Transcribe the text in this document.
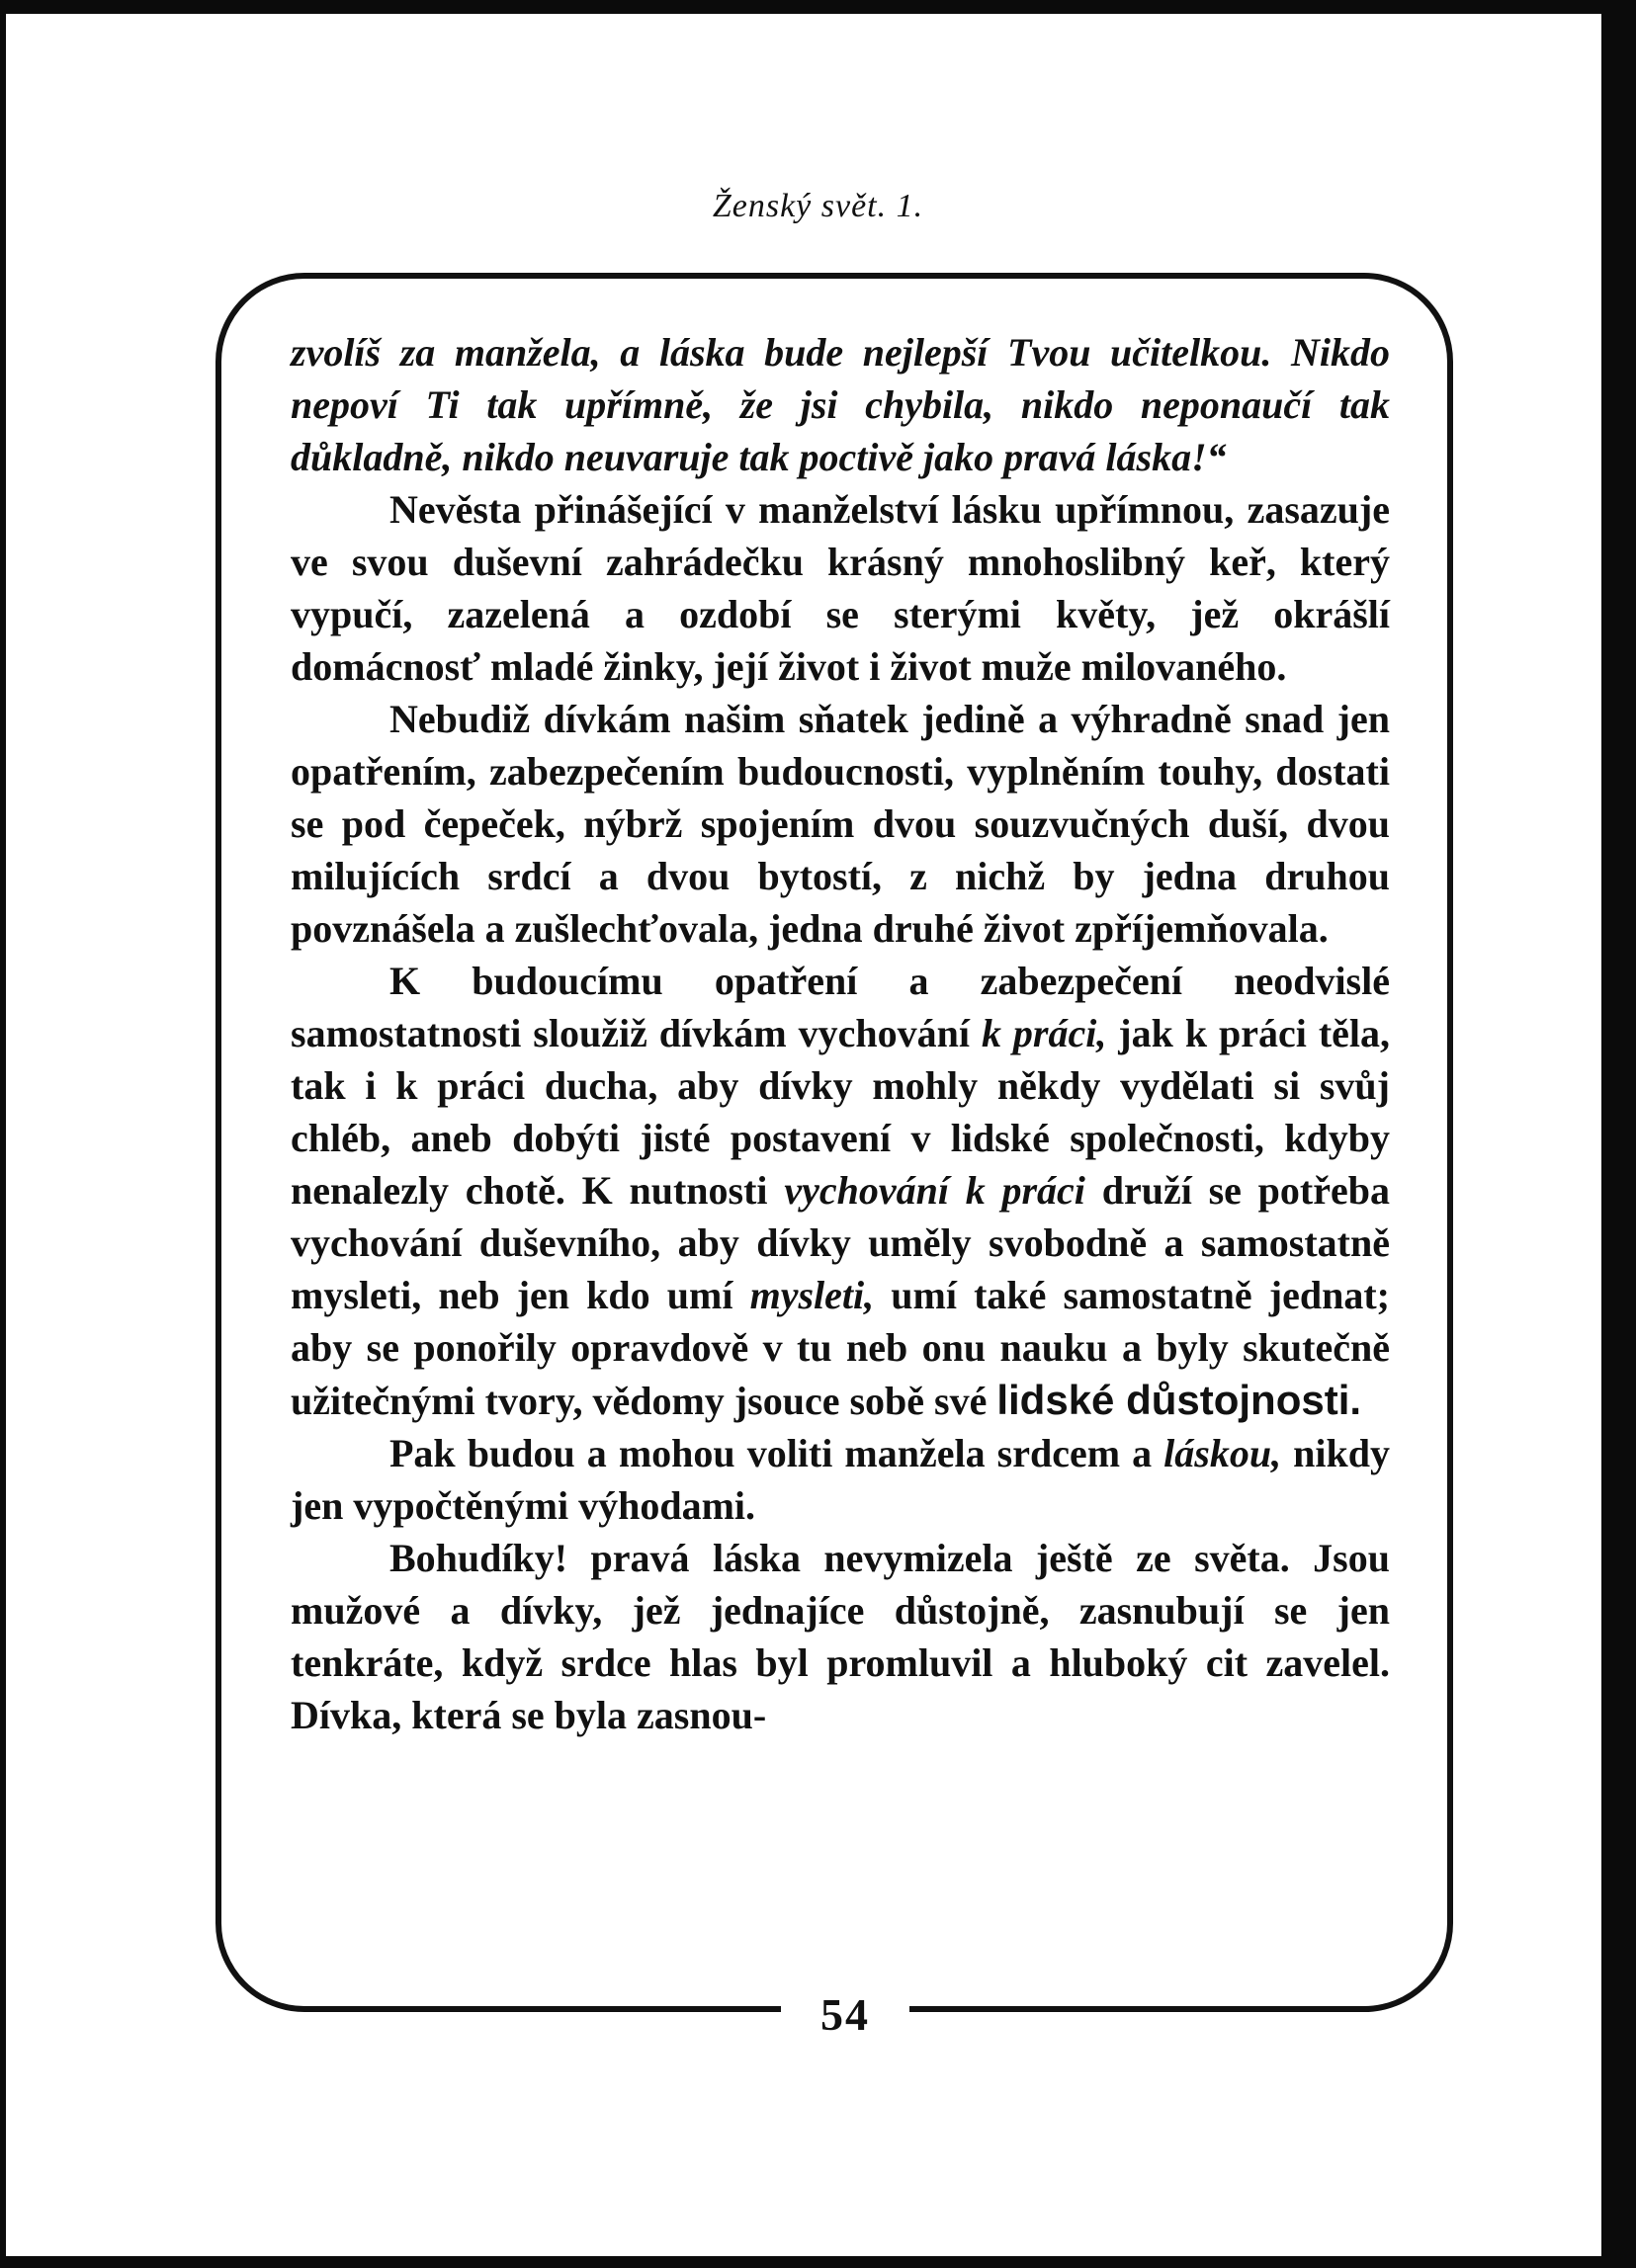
Ženský svět. 1.

zvolíš za manžela, a láska bude nejlepší Tvou učitelkou. Nikdo nepoví Ti tak upřímně, že jsi chybila, nikdo neponaučí tak důkladně, nikdo neuvaruje tak poctivě jako pravá láska!“

Nevěsta přinášející v manželství lásku upřímnou, zasazuje ve svou duševní zahrádečku krásný mnohoslibný keř, který vypučí, zazelená a ozdobí se sterými květy, jež okrášlí domácnosť mladé žinky, její život i život muže milovaného.

Nebudiž dívkám našim sňatek jedině a výhradně snad jen opatřením, zabezpečením budoucnosti, vyplněním touhy, dostati se pod čepeček, nýbrž spojením dvou souzvučných duší, dvou milujících srdcí a dvou bytostí, z nichž by jedna druhou povznášela a zušlechťovala, jedna druhé život zpříjemňovala.

K budoucímu opatření a zabezpečení neodvislé samostatnosti sloužiž dívkám vychování k práci, jak k práci těla, tak i k práci ducha, aby dívky mohly někdy vydělati si svůj chléb, aneb dobýti jisté postavení v lidské společnosti, kdyby nenalezly chotě. K nutnosti vychování k práci druží se potřeba vychování duševního, aby dívky uměly svobodně a samostatně mysleti, neb jen kdo umí mysleti, umí také samostatně jednat; aby se ponořily opravdově v tu neb onu nauku a byly skutečně užitečnými tvory, vědomy jsouce sobě své lidské důstojnosti.

Pak budou a mohou voliti manžela srdcem a láskou, nikdy jen vypočtěnými výhodami.

Bohudíky! pravá láska nevymizela ještě ze světa. Jsou mužové a dívky, jež jednajíce důstojně, zasnubují se jen tenkráte, když srdce hlas byl promluvil a hluboký cit zavelel. Dívka, která se byla zasnou-

54
